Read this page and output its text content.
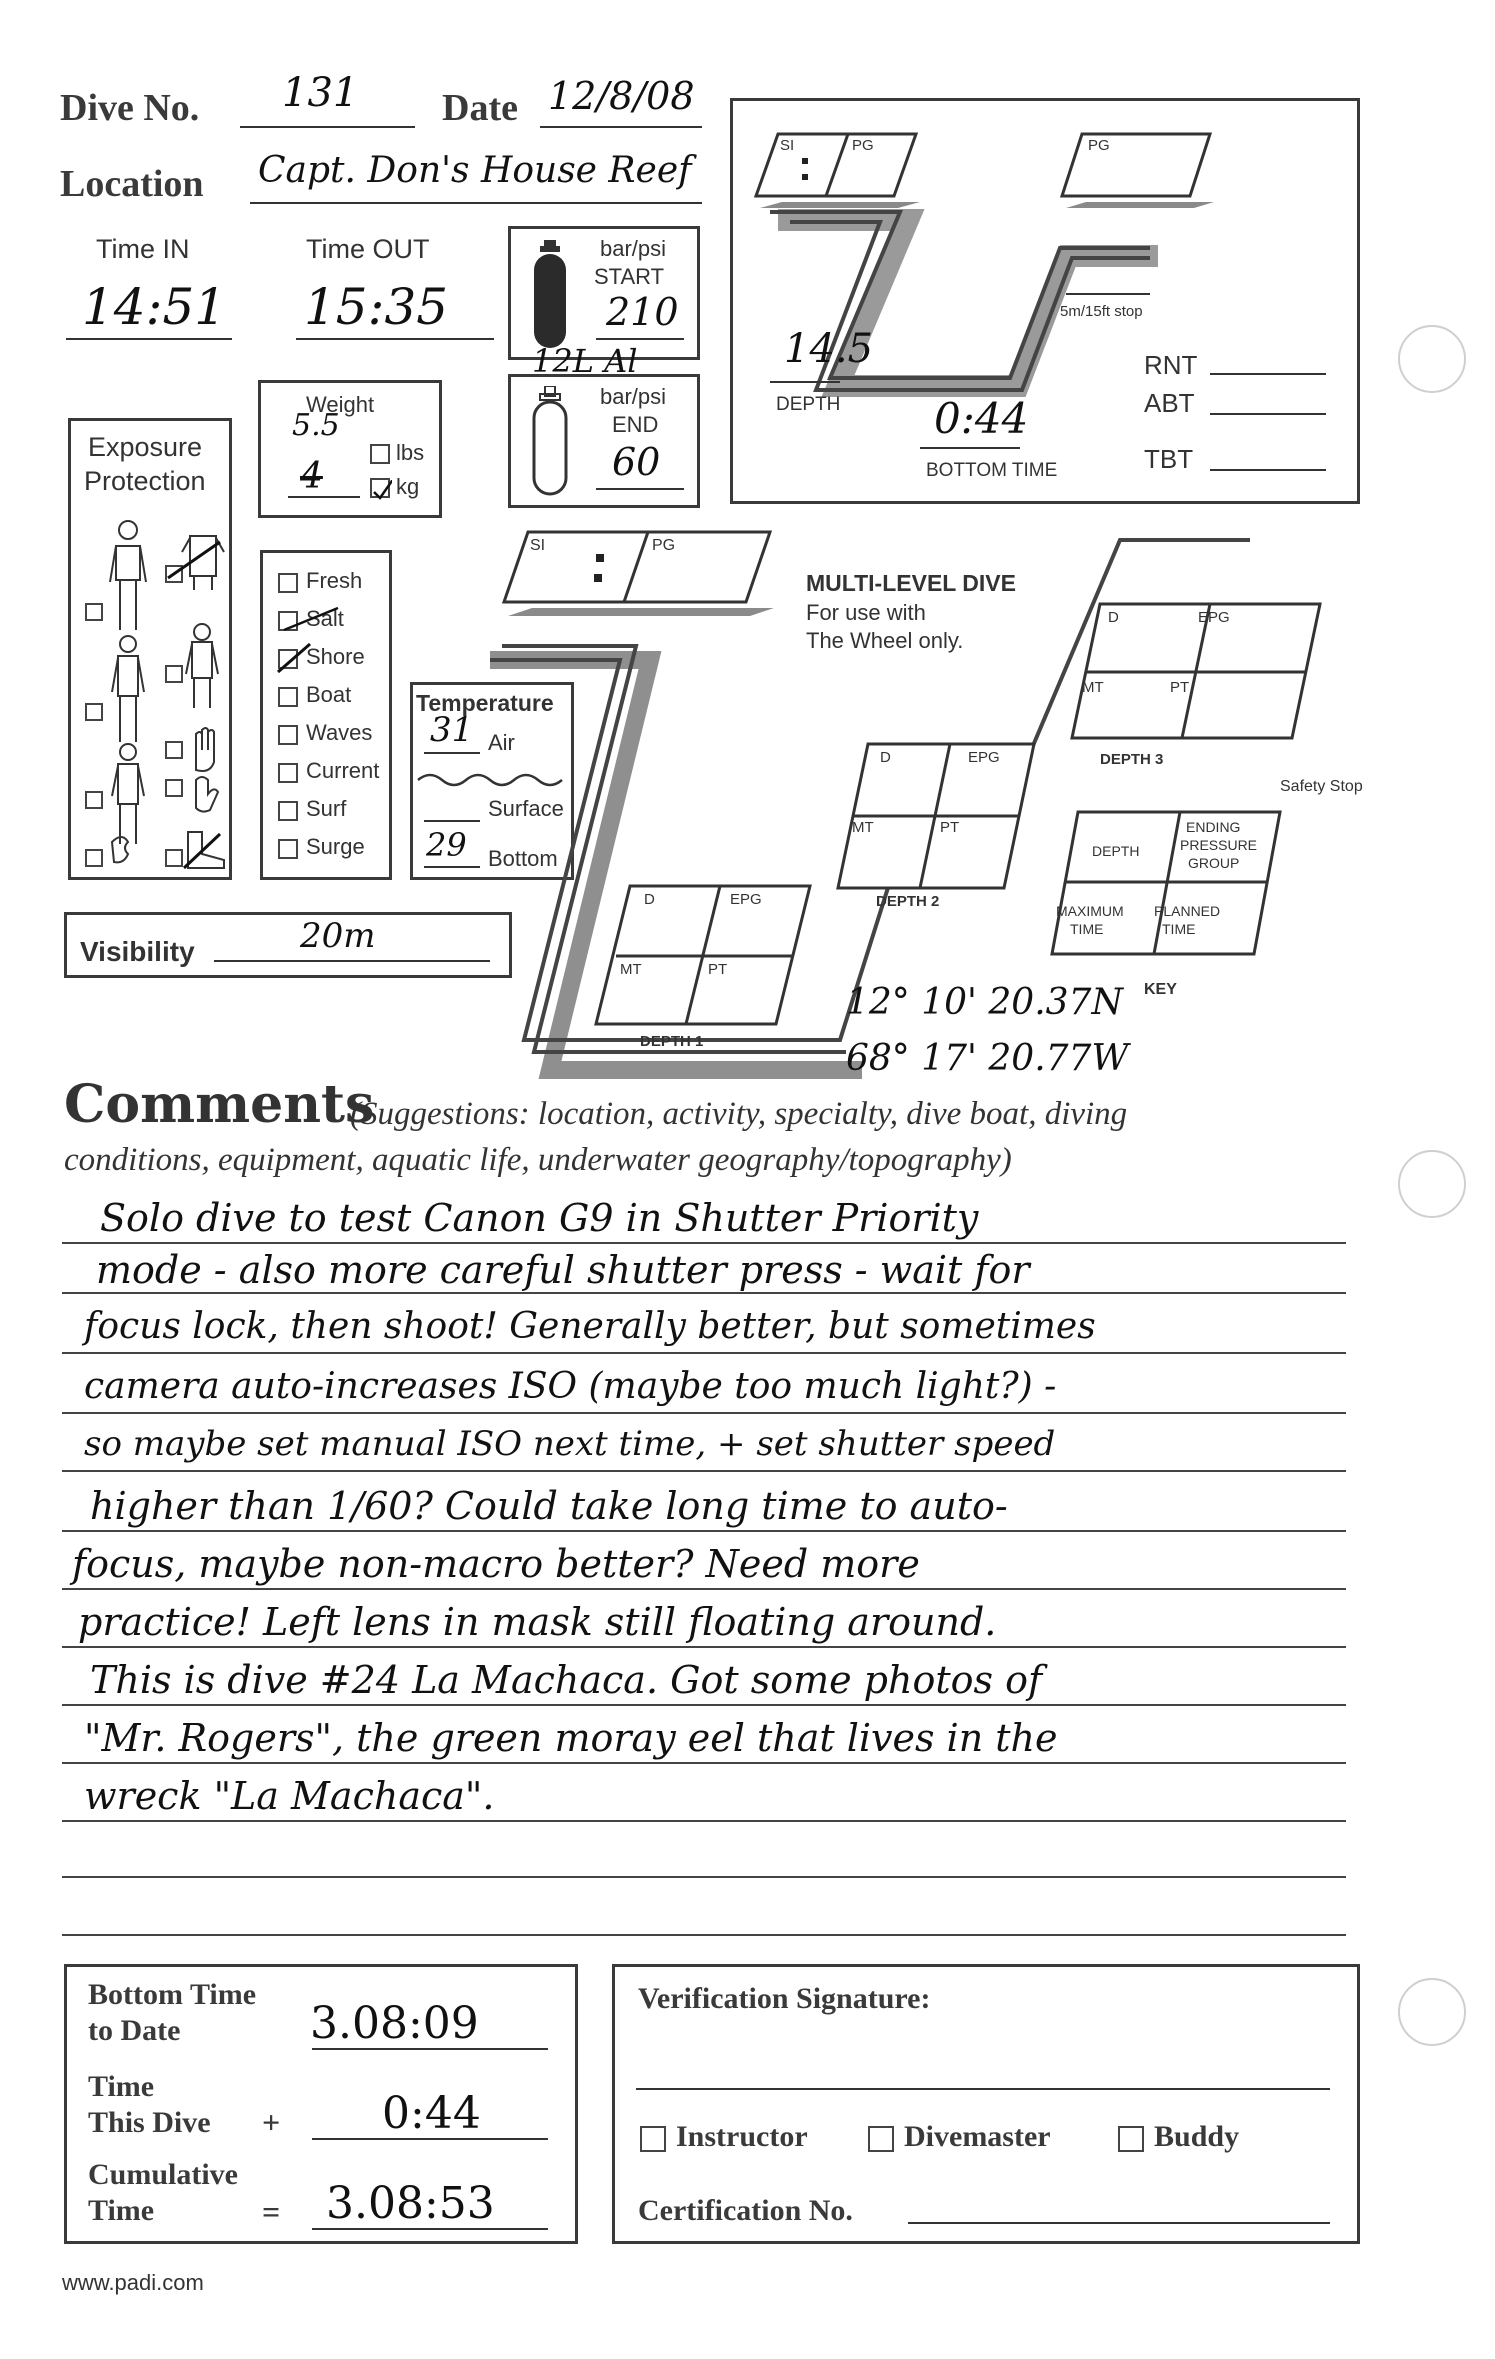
Dive No. 131 Date 12/8/08
Location Capt. Don's House Reef
Time IN
14:51
Time OUT
15:35
bar/psi
START
210
12L Al
bar/psi
END
60
Weight
5.5
4
lbs
kg
Exposure
Protection
Fresh
Salt
Shore
Boat
Waves
Current
Surf
Surge
Temperature
31 Air
Surface
29 Bottom
Visibility	20m
SI	PG	PG
5m/15ft stop
DEPTH
BOTTOM TIME
RNT
ABT
TBT
14.5
0:44
SI	PG
D	EPG
MT	PT
DEPTH 1
D	EPG
MT	PT
DEPTH 2
D	EPG
MT	PT
DEPTH 3
Safety Stop
DEPTH
ENDING
PRESSURE
GROUP
MAXIMUM
TIME
PLANNED
TIME
KEY
MULTI-LEVEL DIVE
For use with
The Wheel only.
12° 10' 20.37N
68° 17' 20.77W
Comments
(Suggestions: location, activity, specialty, dive boat, diving
conditions, equipment, aquatic life, underwater geography/topography)
Solo dive to test Canon G9 in Shutter Priority
mode - also more careful shutter press - wait for
focus lock, then shoot! Generally better, but sometimes
camera auto-increases ISO (maybe too much light?) -
so maybe set manual ISO next time, + set shutter speed
higher than 1/60? Could take long time to auto-
focus, maybe non-macro better? Need more
practice! Left lens in mask still floating around.
This is dive #24 La Machaca. Got some photos of
"Mr. Rogers", the green moray eel that lives in the
wreck "La Machaca".
Bottom Time
to Date	3.08:09
Time
This Dive + 0:44
Cumulative
Time	= 3.08:53
Verification Signature:
Instructor	Divemaster	Buddy
Certification No.
www.padi.com
